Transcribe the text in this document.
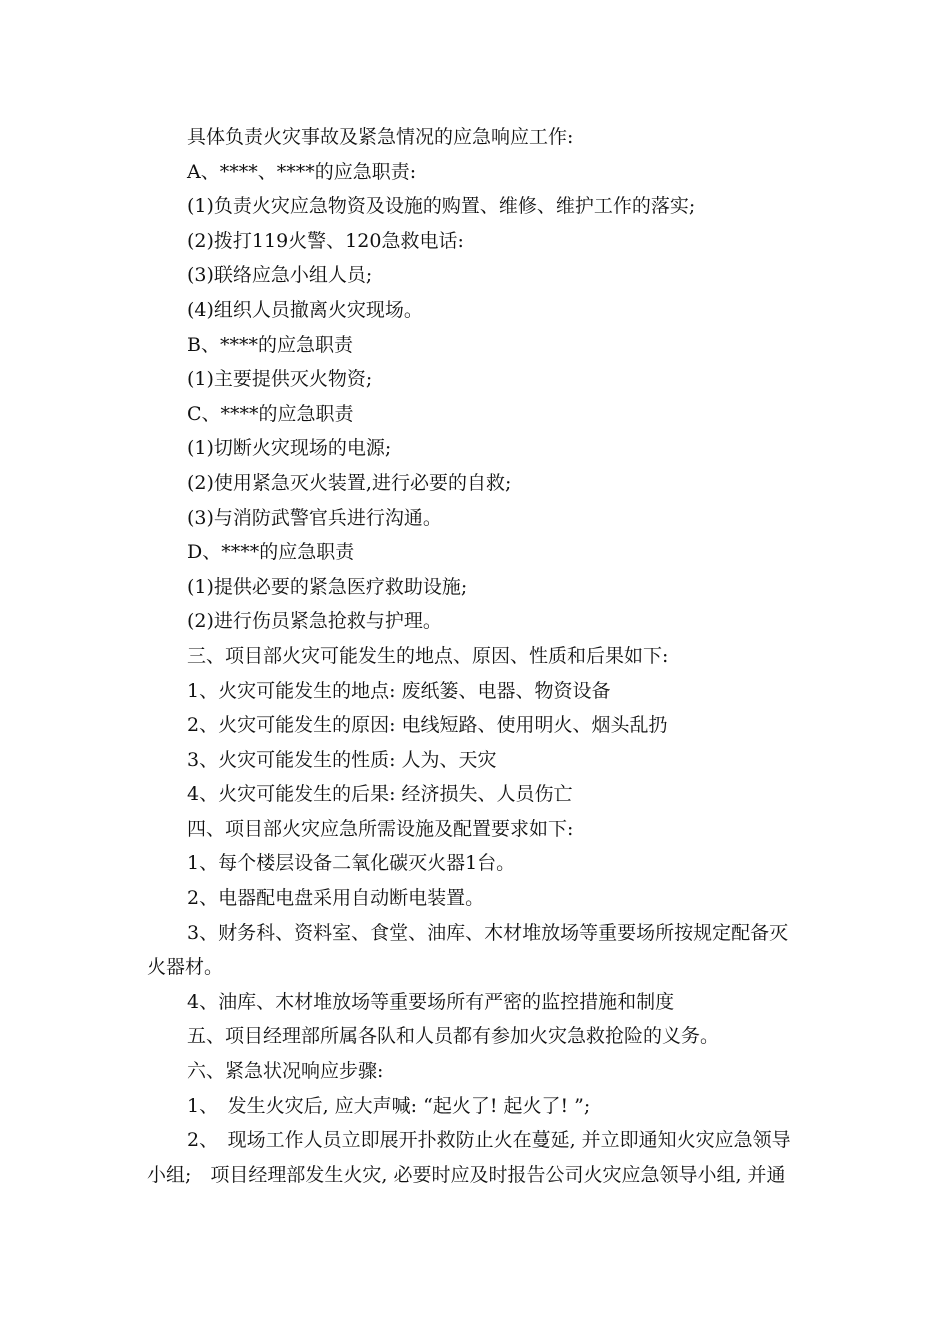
具体负责火灾事故及紧急情况的应急响应工作:
A、****、****的应急职责:
(1)负责火灾应急物资及设施的购置、维修、维护工作的落实;
(2)拨打119火警、120急救电话:
(3)联络应急小组人员;
(4)组织人员撤离火灾现场。
B、****的应急职责
(1)主要提供灭火物资;
C、****的应急职责
(1)切断火灾现场的电源;
(2)使用紧急灭火装置,进行必要的自救;
(3)与消防武警官兵进行沟通。
D、****的应急职责
(1)提供必要的紧急医疗救助设施;
(2)进行伤员紧急抢救与护理。
三、项目部火灾可能发生的地点、原因、性质和后果如下:
1、火灾可能发生的地点: 废纸篓、电器、物资设备
2、火灾可能发生的原因: 电线短路、使用明火、烟头乱扔
3、火灾可能发生的性质: 人为、天灾
4、火灾可能发生的后果: 经济损失、人员伤亡
四、项目部火灾应急所需设施及配置要求如下:
1、每个楼层设备二氧化碳灭火器1台。
2、电器配电盘采用自动断电装置。
3、财务科、资料室、食堂、油库、木材堆放场等重要场所按规定配备灭
火器材。
4、油库、木材堆放场等重要场所有严密的监控措施和制度
五、项目经理部所属各队和人员都有参加火灾急救抢险的义务。
六、紧急状况响应步骤:
1、　发生火灾后, 应大声喊: “起火了! 起火了! ”;
2、　现场工作人员立即展开扑救防止火在蔓延, 并立即通知火灾应急领导
小组;　项目经理部发生火灾, 必要时应及时报告公司火灾应急领导小组, 并通
